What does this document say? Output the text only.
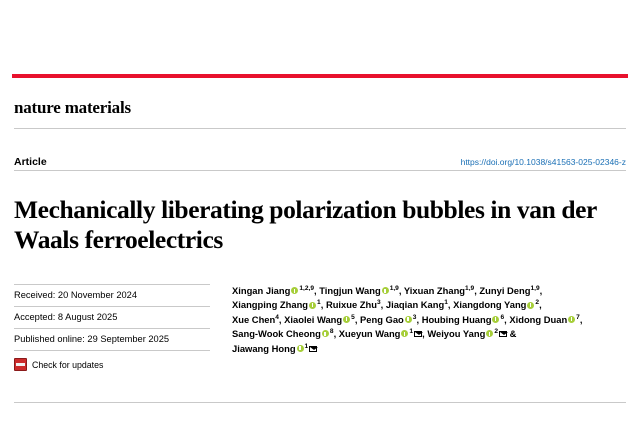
nature materials
Article	https://doi.org/10.1038/s41563-025-02346-z
Mechanically liberating polarization bubbles in van der Waals ferroelectrics
Received: 20 November 2024
Accepted: 8 August 2025
Published online: 29 September 2025
Check for updates
Xingan Jiang $^{1,2,9}$, Tingjun Wang $^{1,9}$, Yixuan Zhang$^{1,9}$, Zunyi Deng$^{1,9}$,
Xiangping Zhang $^1$, Ruixue Zhu$^3$, Jiaqian Kang$^1$, Xiangdong Yang $^2$,
Xue Chen$^4$, Xiaolei Wang $^5$, Peng Gao $^3$, Houbing Huang $^6$, Xidong Duan $^7$,
Sang-Wook Cheong $^8$, Xueyun Wang $^1$ , Weiyou Yang $^2$ &
Jiawang Hong $^1$
